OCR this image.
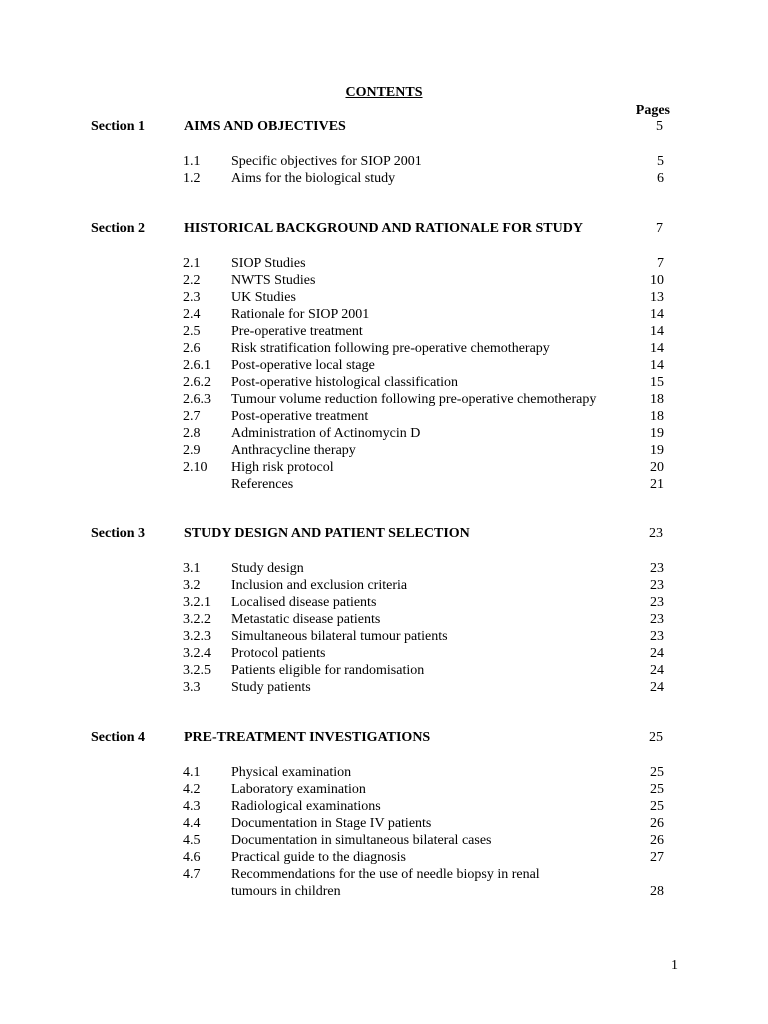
CONTENTS
Pages
Section 1	AIMS AND OBJECTIVES	5
1.1 Specific objectives for SIOP 2001	5
1.2 Aims for the biological study	6
Section 2	HISTORICAL BACKGROUND AND RATIONALE FOR STUDY	7
2.1 SIOP Studies	7
2.2 NWTS Studies	10
2.3 UK Studies	13
2.4 Rationale for SIOP 2001	14
2.5 Pre-operative treatment	14
2.6 Risk stratification following pre-operative chemotherapy	14
2.6.1 Post-operative local stage	14
2.6.2 Post-operative histological classification	15
2.6.3 Tumour volume reduction following pre-operative chemotherapy	18
2.7 Post-operative treatment	18
2.8 Administration of Actinomycin D	19
2.9 Anthracycline therapy	19
2.10 High risk protocol	20
References	21
Section 3	STUDY DESIGN AND PATIENT SELECTION	23
3.1 Study design	23
3.2 Inclusion and exclusion criteria	23
3.2.1 Localised disease patients	23
3.2.2 Metastatic disease patients	23
3.2.3 Simultaneous bilateral tumour patients	23
3.2.4 Protocol patients	24
3.2.5 Patients eligible for randomisation	24
3.3 Study patients	24
Section 4	PRE-TREATMENT INVESTIGATIONS	25
4.1 Physical examination	25
4.2 Laboratory examination	25
4.3 Radiological examinations	25
4.4 Documentation in Stage IV patients	26
4.5 Documentation in simultaneous bilateral cases	26
4.6 Practical guide to the diagnosis	27
4.7 Recommendations for the use of needle biopsy in renal
tumours in children	28
1
